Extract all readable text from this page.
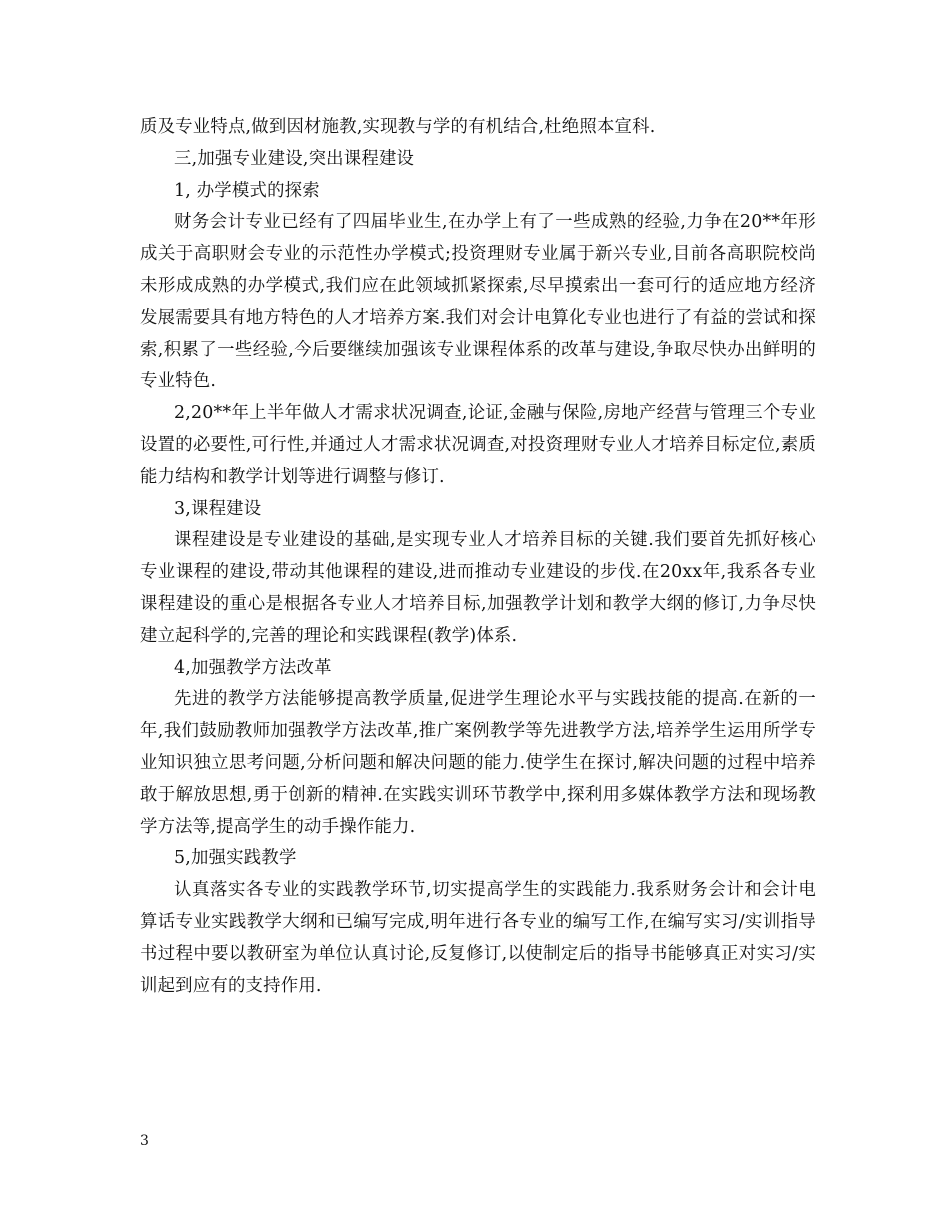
质及专业特点,做到因材施教,实现教与学的有机结合,杜绝照本宣科.

三,加强专业建设,突出课程建设

1, 办学模式的探索

财务会计专业已经有了四届毕业生,在办学上有了一些成熟的经验,力争在20**年形成关于高职财会专业的示范性办学模式;投资理财专业属于新兴专业,目前各高职院校尚未形成成熟的办学模式,我们应在此领域抓紧探索,尽早摸索出一套可行的适应地方经济发展需要具有地方特色的人才培养方案.我们对会计电算化专业也进行了有益的尝试和探索,积累了一些经验,今后要继续加强该专业课程体系的改革与建设,争取尽快办出鲜明的专业特色.

2,20**年上半年做人才需求状况调查,论证,金融与保险,房地产经营与管理三个专业设置的必要性,可行性,并通过人才需求状况调查,对投资理财专业人才培养目标定位,素质能力结构和教学计划等进行调整与修订.

3,课程建设

课程建设是专业建设的基础,是实现专业人才培养目标的关键.我们要首先抓好核心专业课程的建设,带动其他课程的建设,进而推动专业建设的步伐.在20xx年,我系各专业课程建设的重心是根据各专业人才培养目标,加强教学计划和教学大纲的修订,力争尽快建立起科学的,完善的理论和实践课程(教学)体系.

4,加强教学方法改革

先进的教学方法能够提高教学质量,促进学生理论水平与实践技能的提高.在新的一年,我们鼓励教师加强教学方法改革,推广案例教学等先进教学方法,培养学生运用所学专业知识独立思考问题,分析问题和解决问题的能力.使学生在探讨,解决问题的过程中培养敢于解放思想,勇于创新的精神.在实践实训环节教学中,探利用多媒体教学方法和现场教学方法等,提高学生的动手操作能力.

5,加强实践教学

认真落实各专业的实践教学环节,切实提高学生的实践能力.我系财务会计和会计电算话专业实践教学大纲和已编写完成,明年进行各专业的编写工作,在编写实习/实训指导书过程中要以教研室为单位认真讨论,反复修订,以使制定后的指导书能够真正对实习/实训起到应有的支持作用.

3
